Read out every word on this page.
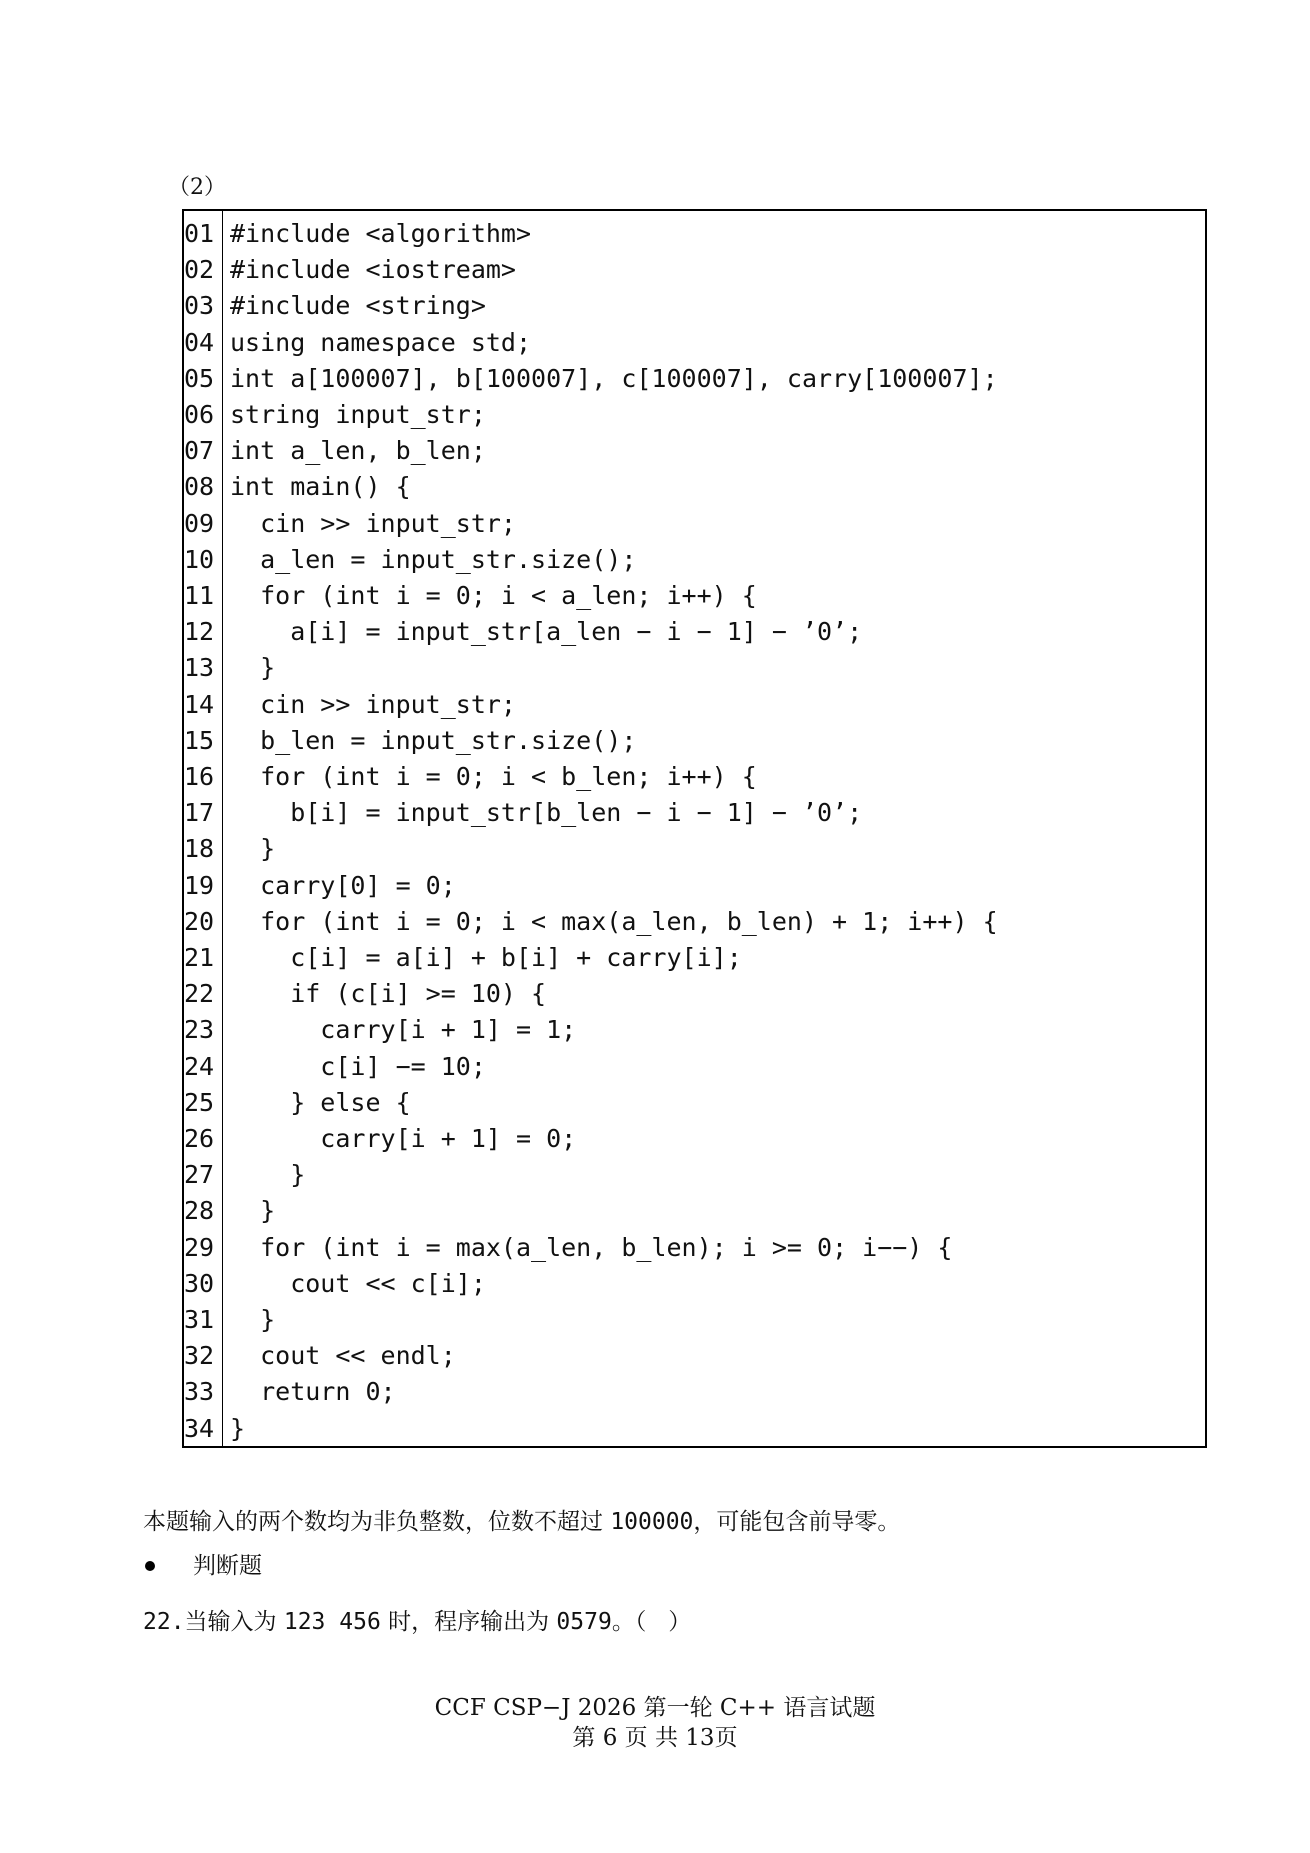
（2）
01 #include <algorithm>
02 #include <iostream>
03 #include <string>
04 using namespace std;
05 int a[100007], b[100007], c[100007], carry[100007];
06 string input_str;
07 int a_len, b_len;
08 int main() {
09 cin >> input_str;
10 a_len = input_str.size();
11 for (int i = 0; i < a_len; i++) {
12 a[i] = input_str[a_len − i − 1] − ’0’;
13 }
14 cin >> input_str;
15 b_len = input_str.size();
16 for (int i = 0; i < b_len; i++) {
17 b[i] = input_str[b_len − i − 1] − ’0’;
18 }
19 carry[0] = 0;
20 for (int i = 0; i < max(a_len, b_len) + 1; i++) {
21 c[i] = a[i] + b[i] + carry[i];
22 if (c[i] >= 10) {
23 carry[i + 1] = 1;
24 c[i] −= 10;
25 } else {
26 carry[i + 1] = 0;
27 }
28 }
29 for (int i = max(a_len, b_len); i >= 0; i−−) {
30 cout << c[i];
31 }
32 cout << endl;
33 return 0;
34 }
本题输入的两个数均为非负整数，位数不超过 100000，可能包含前导零。
判断题
22.当输入为 123 456 时，程序输出为 0579。（   ）
CCF CSP−J 2026 第一轮 C++ 语言试题
第 6 页 共 13页
